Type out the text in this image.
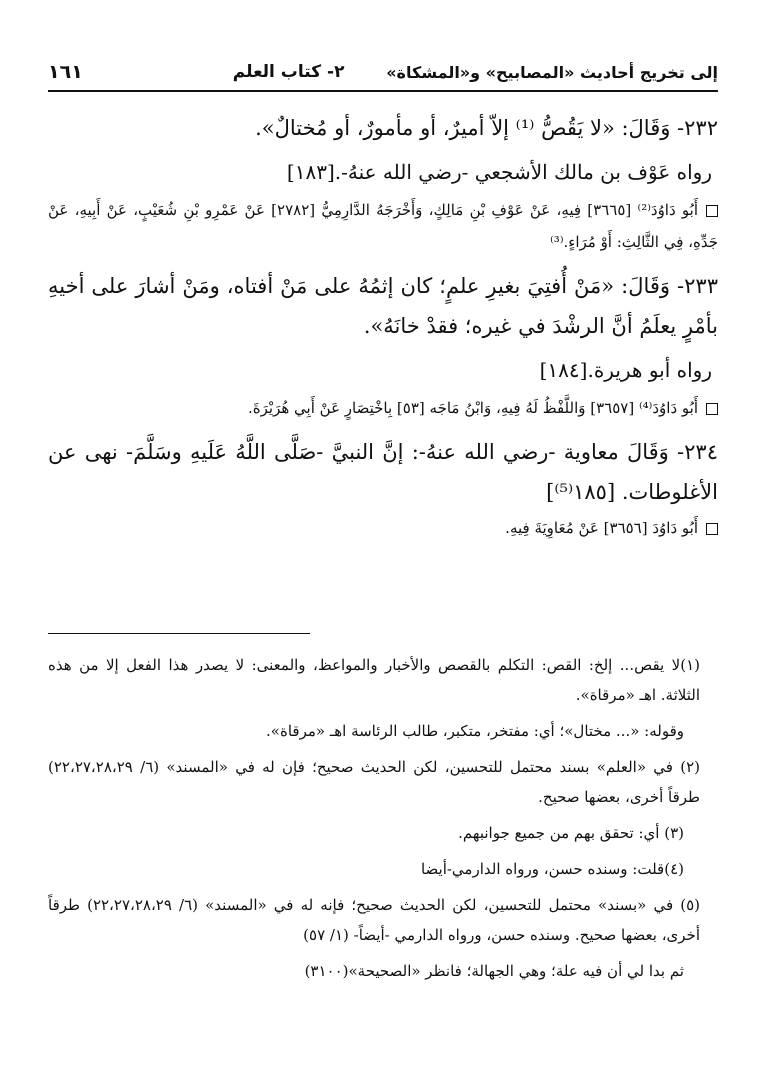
إلى تخريج أحاديث «المصابيح» و«المشكاة»
٢- كتاب العلم
١٦١

٢٣٢- وَقَالَ: «لا يَقُصُّ ⁽¹⁾ إلاّ أميرٌ، أو مأمورٌ، أو مُختالٌ».

رواه عَوْف بن مالك الأشجعي -رضي الله عنهُ-.[١٨٣]

أَبُو دَاوُدَ⁽²⁾ [٣٦٦٥] فِيهِ، عَنْ عَوْفِ بْنِ مَالِكٍ، وَأَخْرَجَهُ الدَّارِمِيُّ [٢٧٨٢] عَنْ عَمْرِو بْنِ شُعَيْبٍ، عَنْ أَبِيهِ، عَنْ جَدِّهِ، فِي الثَّالِثِ: أَوْ مُرَاءٍ.⁽³⁾

٢٣٣- وَقَالَ: «مَنْ أُفتِيَ بغيرِ علمٍ؛ كان إثمُهُ على مَنْ أفتاه، ومَنْ أشارَ على أخيهِ بأمْرٍ يعلَمُ أنَّ الرشْدَ في غيره؛ فقدْ خانَهُ».

رواه أبو هريرة.[١٨٤]

أَبُو دَاوُدَ⁽⁴⁾ [٣٦٥٧] وَاللَّفْظُ لَهُ فِيهِ، وَابْنُ مَاجَه [٥٣] بِاخْتِصَارٍ عَنْ أَبِي هُرَيْرَةَ.

٢٣٤- وَقَالَ معاوية -رضي الله عنهُ-: إنَّ النبيَّ -صَلَّى اللَّهُ عَلَيهِ وسَلَّمَ- نهى عن الأغلوطات. [١٨٥⁽⁵⁾]

أَبُو دَاوُدَ [٣٦٥٦] عَنْ مُعَاوِيَةَ فِيهِ.

(١)لا يقص... إلخ: القص: التكلم بالقصص والأخبار والمواعظ، والمعنى: لا يصدر هذا الفعل إلا من هذه الثلاثة. اهـ «مرقاة».

وقوله: «... مختال»؛ أي: مفتخر، متكبر، طالب الرئاسة اهـ «مرقاة».

(٢) في «العلم» بسند محتمل للتحسين، لكن الحديث صحيح؛ فإن له في «المسند» (٦/ ٢٢،٢٧،٢٨،٢٩) طرقاً أخرى، بعضها صحيح.

(٣) أي: تحقق بهم من جميع جوانبهم.

(٤)قلت: وسنده حسن، ورواه الدارمي-أيضا

(٥) في «بسند» محتمل للتحسين، لكن الحديث صحيح؛ فإنه له في «المسند» (٦/ ٢٢،٢٧،٢٨،٢٩) طرقاً أخرى، بعضها صحيح. وسنده حسن، ورواه الدارمي -أيضاً- (١/ ٥٧)

ثم بدا لي أن فيه علة؛ وهي الجهالة؛ فانظر «الصحيحة»(٣١٠٠)
